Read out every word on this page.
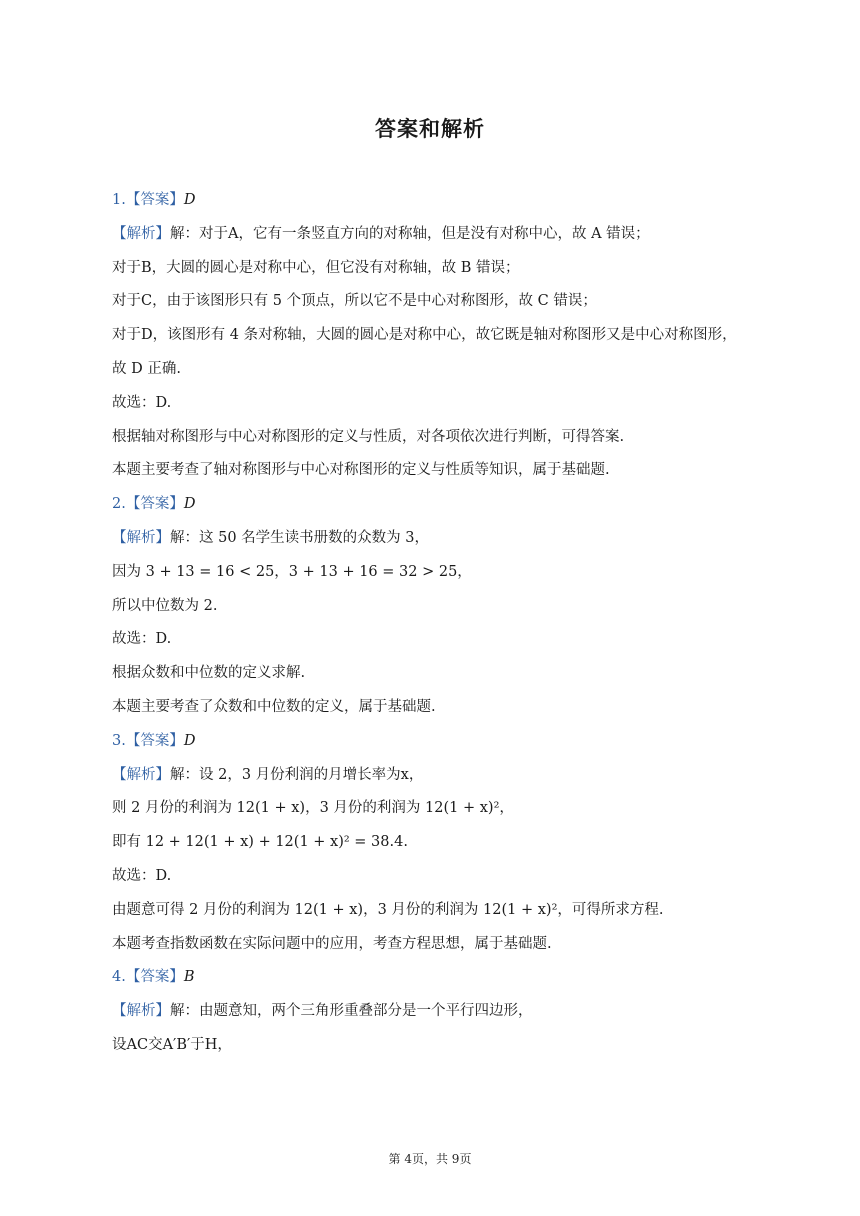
答案和解析
1.【答案】D
【解析】解：对于A，它有一条竖直方向的对称轴，但是没有对称中心，故 A 错误；
对于B，大圆的圆心是对称中心，但它没有对称轴，故 B 错误；
对于C，由于该图形只有 5 个顶点，所以它不是中心对称图形，故 C 错误；
对于D，该图形有 4 条对称轴，大圆的圆心是对称中心，故它既是轴对称图形又是中心对称图形，
故 D 正确.
故选：D.
根据轴对称图形与中心对称图形的定义与性质，对各项依次进行判断，可得答案.
本题主要考查了轴对称图形与中心对称图形的定义与性质等知识，属于基础题.
2.【答案】D
【解析】解：这 50 名学生读书册数的众数为 3，
因为 3 + 13 = 16 < 25，3 + 13 + 16 = 32 > 25，
所以中位数为 2.
故选：D.
根据众数和中位数的定义求解.
本题主要考查了众数和中位数的定义，属于基础题.
3.【答案】D
【解析】解：设 2，3 月份利润的月增长率为x，
则 2 月份的利润为 12(1 + x)，3 月份的利润为 12(1 + x)²，
即有 12 + 12(1 + x) + 12(1 + x)² = 38.4.
故选：D.
由题意可得 2 月份的利润为 12(1 + x)，3 月份的利润为 12(1 + x)²，可得所求方程.
本题考查指数函数在实际问题中的应用，考查方程思想，属于基础题.
4.【答案】B
【解析】解：由题意知，两个三角形重叠部分是一个平行四边形，
设AC交A′B′于H，
第 4页，共 9页
